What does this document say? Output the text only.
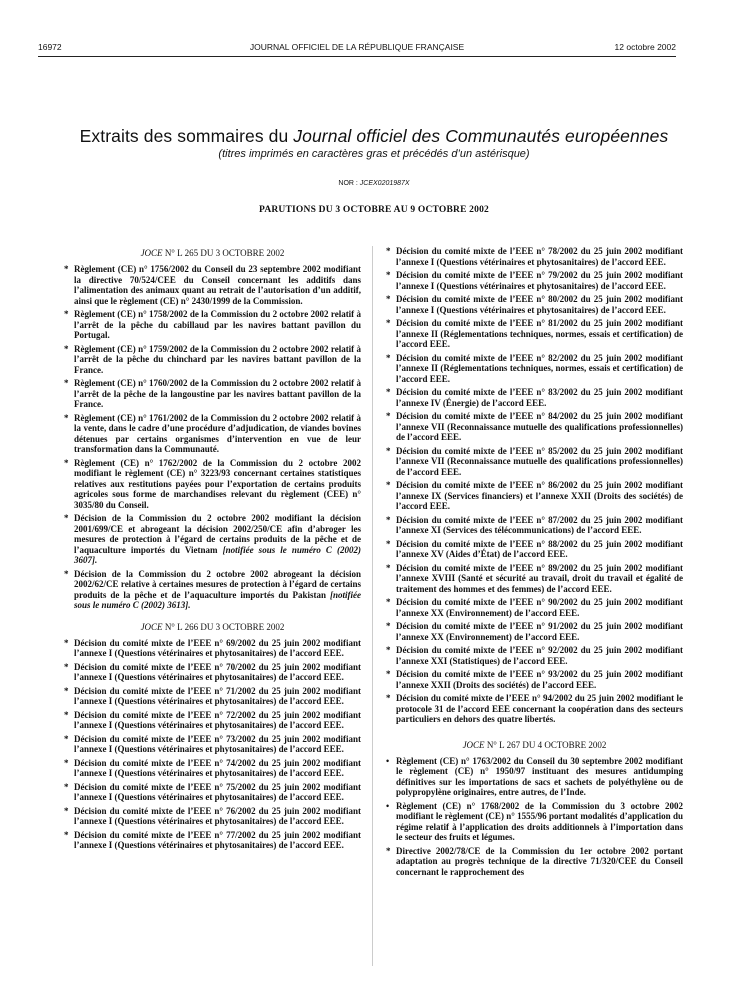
16972	JOURNAL OFFICIEL DE LA RÉPUBLIQUE FRANÇAISE	12 octobre 2002
Extraits des sommaires du Journal officiel des Communautés européennes
(titres imprimés en caractères gras et précédés d’un astérisque)
NOR : JCEX0201987X
PARUTIONS DU 3 OCTOBRE AU 9 OCTOBRE 2002
JOCE N° L 265 DU 3 OCTOBRE 2002
* Règlement (CE) n° 1756/2002 du Conseil du 23 septembre 2002 modifiant la directive 70/524/CEE du Conseil concernant les additifs dans l’alimentation des animaux quant au retrait de l’autorisation d’un additif, ainsi que le règlement (CE) n° 2430/1999 de la Commission.
* Règlement (CE) n° 1758/2002 de la Commission du 2 octobre 2002 relatif à l’arrêt de la pêche du cabillaud par les navires battant pavillon du Portugal.
* Règlement (CE) n° 1759/2002 de la Commission du 2 octobre 2002 relatif à l’arrêt de la pêche du chinchard par les navires battant pavillon de la France.
* Règlement (CE) n° 1760/2002 de la Commission du 2 octobre 2002 relatif à l’arrêt de la pêche de la langoustine par les navires battant pavillon de la France.
* Règlement (CE) n° 1761/2002 de la Commission du 2 octobre 2002 relatif à la vente, dans le cadre d’une procédure d’adjudication, de viandes bovines détenues par certains organismes d’intervention en vue de leur transformation dans la Communauté.
* Règlement (CE) n° 1762/2002 de la Commission du 2 octobre 2002 modifiant le règlement (CE) n° 3223/93 concernant certaines statistiques relatives aux restitutions payées pour l’exportation de certains produits agricoles sous forme de marchandises relevant du règlement (CEE) n° 3035/80 du Conseil.
* Décision de la Commission du 2 octobre 2002 modifiant la décision 2001/699/CE et abrogeant la décision 2002/250/CE afin d’abroger les mesures de protection à l’égard de certains produits de la pêche et de l’aquaculture importés du Vietnam [notifiée sous le numéro C (2002) 3607].
* Décision de la Commission du 2 octobre 2002 abrogeant la décision 2002/62/CE relative à certaines mesures de protection à l’égard de certains produits de la pêche et de l’aquaculture importés du Pakistan [notifiée sous le numéro C (2002) 3613].
JOCE N° L 266 DU 3 OCTOBRE 2002
* Décision du comité mixte de l’EEE n° 69/2002 du 25 juin 2002 modifiant l’annexe I (Questions vétérinaires et phytosanitaires) de l’accord EEE.
* Décision du comité mixte de l’EEE n° 70/2002 du 25 juin 2002 modifiant l’annexe I (Questions vétérinaires et phytosanitaires) de l’accord EEE.
* Décision du comité mixte de l’EEE n° 71/2002 du 25 juin 2002 modifiant l’annexe I (Questions vétérinaires et phytosanitaires) de l’accord EEE.
* Décision du comité mixte de l’EEE n° 72/2002 du 25 juin 2002 modifiant l’annexe I (Questions vétérinaires et phytosanitaires) de l’accord EEE.
* Décision du comité mixte de l’EEE n° 73/2002 du 25 juin 2002 modifiant l’annexe I (Questions vétérinaires et phytosanitaires) de l’accord EEE.
* Décision du comité mixte de l’EEE n° 74/2002 du 25 juin 2002 modifiant l’annexe I (Questions vétérinaires et phytosanitaires) de l’accord EEE.
* Décision du comité mixte de l’EEE n° 75/2002 du 25 juin 2002 modifiant l’annexe I (Questions vétérinaires et phytosanitaires) de l’accord EEE.
* Décision du comité mixte de l’EEE n° 76/2002 du 25 juin 2002 modifiant l’annexe I (Questions vétérinaires et phytosanitaires) de l’accord EEE.
* Décision du comité mixte de l’EEE n° 77/2002 du 25 juin 2002 modifiant l’annexe I (Questions vétérinaires et phytosanitaires) de l’accord EEE.
* Décision du comité mixte de l’EEE n° 78/2002 du 25 juin 2002 modifiant l’annexe I (Questions vétérinaires et phytosanitaires) de l’accord EEE.
* Décision du comité mixte de l’EEE n° 79/2002 du 25 juin 2002 modifiant l’annexe I (Questions vétérinaires et phytosanitaires) de l’accord EEE.
* Décision du comité mixte de l’EEE n° 80/2002 du 25 juin 2002 modifiant l’annexe I (Questions vétérinaires et phytosanitaires) de l’accord EEE.
* Décision du comité mixte de l’EEE n° 81/2002 du 25 juin 2002 modifiant l’annexe II (Réglementations techniques, normes, essais et certification) de l’accord EEE.
* Décision du comité mixte de l’EEE n° 82/2002 du 25 juin 2002 modifiant l’annexe II (Réglementations techniques, normes, essais et certification) de l’accord EEE.
* Décision du comité mixte de l’EEE n° 83/2002 du 25 juin 2002 modifiant l’annexe IV (Énergie) de l’accord EEE.
* Décision du comité mixte de l’EEE n° 84/2002 du 25 juin 2002 modifiant l’annexe VII (Reconnaissance mutuelle des qualifications professionnelles) de l’accord EEE.
* Décision du comité mixte de l’EEE n° 85/2002 du 25 juin 2002 modifiant l’annexe VII (Reconnaissance mutuelle des qualifications professionnelles) de l’accord EEE.
* Décision du comité mixte de l’EEE n° 86/2002 du 25 juin 2002 modifiant l’annexe IX (Services financiers) et l’annexe XXII (Droits des sociétés) de l’accord EEE.
* Décision du comité mixte de l’EEE n° 87/2002 du 25 juin 2002 modifiant l’annexe XI (Services des télécommunications) de l’accord EEE.
* Décision du comité mixte de l’EEE n° 88/2002 du 25 juin 2002 modifiant l’annexe XV (Aides d’État) de l’accord EEE.
* Décision du comité mixte de l’EEE n° 89/2002 du 25 juin 2002 modifiant l’annexe XVIII (Santé et sécurité au travail, droit du travail et égalité de traitement des hommes et des femmes) de l’accord EEE.
* Décision du comité mixte de l’EEE n° 90/2002 du 25 juin 2002 modifiant l’annexe XX (Environnement) de l’accord EEE.
* Décision du comité mixte de l’EEE n° 91/2002 du 25 juin 2002 modifiant l’annexe XX (Environnement) de l’accord EEE.
* Décision du comité mixte de l’EEE n° 92/2002 du 25 juin 2002 modifiant l’annexe XXI (Statistiques) de l’accord EEE.
* Décision du comité mixte de l’EEE n° 93/2002 du 25 juin 2002 modifiant l’annexe XXII (Droits des sociétés) de l’accord EEE.
* Décision du comité mixte de l’EEE n° 94/2002 du 25 juin 2002 modifiant le protocole 31 de l’accord EEE concernant la coopération dans des secteurs particuliers en dehors des quatre libertés.
JOCE N° L 267 DU 4 OCTOBRE 2002
• Règlement (CE) n° 1763/2002 du Conseil du 30 septembre 2002 modifiant le règlement (CE) n° 1950/97 instituant des mesures antidumping définitives sur les importations de sacs et sachets de polyéthylène ou de polypropylène originaires, entre autres, de l’Inde.
• Règlement (CE) n° 1768/2002 de la Commission du 3 octobre 2002 modifiant le règlement (CE) n° 1555/96 portant modalités d’application du régime relatif à l’application des droits additionnels à l’importation dans le secteur des fruits et légumes.
* Directive 2002/78/CE de la Commission du 1er octobre 2002 portant adaptation au progrès technique de la directive 71/320/CEE du Conseil concernant le rapprochement des
